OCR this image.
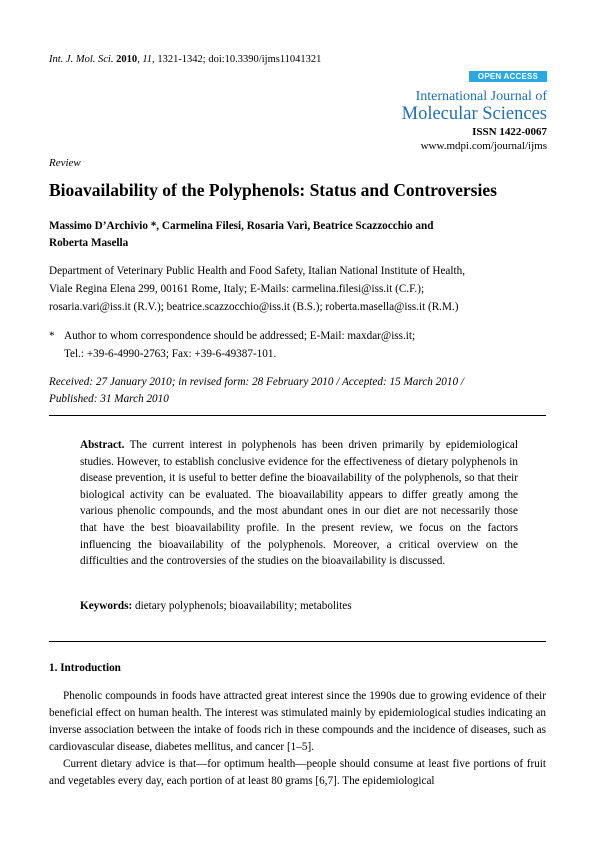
Int. J. Mol. Sci. 2010, 11, 1321-1342; doi:10.3390/ijms11041321
OPEN ACCESS
International Journal of
Molecular Sciences
ISSN 1422-0067
www.mdpi.com/journal/ijms
Review
Bioavailability of the Polyphenols: Status and Controversies
Massimo D’Archivio *, Carmelina Filesi, Rosaria Varì, Beatrice Scazzocchio and
Roberta Masella
Department of Veterinary Public Health and Food Safety, Italian National Institute of Health,
Viale Regina Elena 299, 00161 Rome, Italy; E-Mails: carmelina.filesi@iss.it (C.F.);
rosaria.vari@iss.it (R.V.); beatrice.scazzocchio@iss.it (B.S.); roberta.masella@iss.it (R.M.)
* Author to whom correspondence should be addressed; E-Mail: maxdar@iss.it;
Tel.: +39-6-4990-2763; Fax: +39-6-49387-101.
Received: 27 January 2010; in revised form: 28 February 2010 / Accepted: 15 March 2010 /
Published: 31 March 2010
Abstract. The current interest in polyphenols has been driven primarily by epidemiological studies. However, to establish conclusive evidence for the effectiveness of dietary polyphenols in disease prevention, it is useful to better define the bioavailability of the polyphenols, so that their biological activity can be evaluated. The bioavailability appears to differ greatly among the various phenolic compounds, and the most abundant ones in our diet are not necessarily those that have the best bioavailability profile. In the present review, we focus on the factors influencing the bioavailability of the polyphenols. Moreover, a critical overview on the difficulties and the controversies of the studies on the bioavailability is discussed.
Keywords: dietary polyphenols; bioavailability; metabolites
1. Introduction

Phenolic compounds in foods have attracted great interest since the 1990s due to growing evidence of their beneficial effect on human health. The interest was stimulated mainly by epidemiological studies indicating an inverse association between the intake of foods rich in these compounds and the incidence of diseases, such as cardiovascular disease, diabetes mellitus, and cancer [1–5].

Current dietary advice is that—for optimum health—people should consume at least five portions of fruit and vegetables every day, each portion of at least 80 grams [6,7]. The epidemiological
